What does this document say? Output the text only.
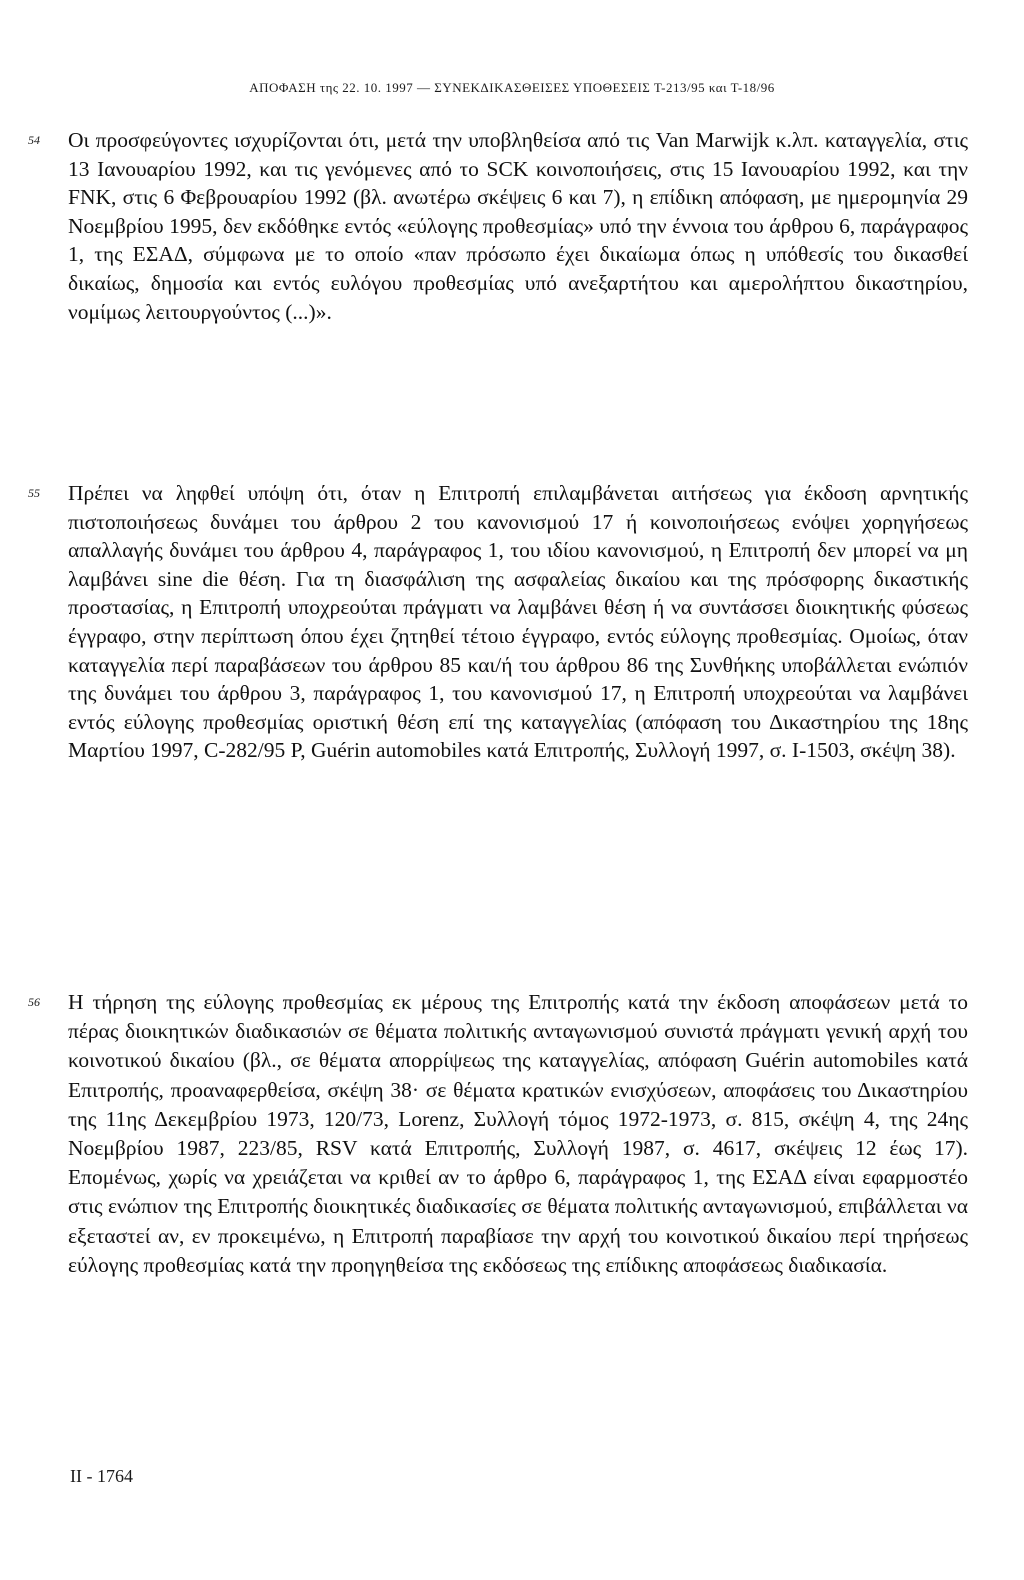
ΑΠΟΦΑΣΗ της 22. 10. 1997 — ΣΥΝΕΚΔΙΚΑΣΘΕΙΣΕΣ ΥΠΟΘΕΣΕΙΣ Τ-213/95 και Τ-18/96
54 Οι προσφεύγοντες ισχυρίζονται ότι, μετά την υποβληθείσα από τις Van Marwijk κ.λπ. καταγγελία, στις 13 Ιανουαρίου 1992, και τις γενόμενες από το SCK κοινοποιήσεις, στις 15 Ιανουαρίου 1992, και την FNK, στις 6 Φεβρουαρίου 1992 (βλ. ανωτέρω σκέψεις 6 και 7), η επίδικη απόφαση, με ημερομηνία 29 Νοεμβρίου 1995, δεν εκδόθηκε εντός «εύλογης προθεσμίας» υπό την έννοια του άρθρου 6, παράγραφος 1, της ΕΣΑΔ, σύμφωνα με το οποίο «παν πρόσωπο έχει δικαίωμα όπως η υπόθεσίς του δικασθεί δικαίως, δημοσία και εντός ευλόγου προθεσμίας υπό ανεξαρτήτου και αμερολήπτου δικαστηρίου, νομίμως λειτουργούντος (...)».

55 Πρέπει να ληφθεί υπόψη ότι, όταν η Επιτροπή επιλαμβάνεται αιτήσεως για έκδοση αρνητικής πιστοποιήσεως δυνάμει του άρθρου 2 του κανονισμού 17 ή κοινοποιήσεως ενόψει χορηγήσεως απαλλαγής δυνάμει του άρθρου 4, παράγραφος 1, του ιδίου κανονισμού, η Επιτροπή δεν μπορεί να μη λαμβάνει sine die θέση. Για τη διασφάλιση της ασφαλείας δικαίου και της πρόσφορης δικαστικής προστασίας, η Επιτροπή υποχρεούται πράγματι να λαμβάνει θέση ή να συντάσσει διοικητικής φύσεως έγγραφο, στην περίπτωση όπου έχει ζητηθεί τέτοιο έγγραφο, εντός εύλογης προθεσμίας. Ομοίως, όταν καταγγελία περί παραβάσεων του άρθρου 85 και/ή του άρθρου 86 της Συνθήκης υποβάλλεται ενώπιόν της δυνάμει του άρθρου 3, παράγραφος 1, του κανονισμού 17, η Επιτροπή υποχρεούται να λαμβάνει εντός εύλογης προθεσμίας οριστική θέση επί της καταγγελίας (απόφαση του Δικαστηρίου της 18ης Μαρτίου 1997, C-282/95 P, Guérin automobiles κατά Επιτροπής, Συλλογή 1997, σ. I-1503, σκέψη 38).

56 Η τήρηση της εύλογης προθεσμίας εκ μέρους της Επιτροπής κατά την έκδοση αποφάσεων μετά το πέρας διοικητικών διαδικασιών σε θέματα πολιτικής ανταγωνισμού συνιστά πράγματι γενική αρχή του κοινοτικού δικαίου (βλ., σε θέματα απορρίψεως της καταγγελίας, απόφαση Guérin automobiles κατά Επιτροπής, προαναφερθείσα, σκέψη 38· σε θέματα κρατικών ενισχύσεων, αποφάσεις του Δικαστηρίου της 11ης Δεκεμβρίου 1973, 120/73, Lorenz, Συλλογή τόμος 1972-1973, σ. 815, σκέψη 4, της 24ης Νοεμβρίου 1987, 223/85, RSV κατά Επιτροπής, Συλλογή 1987, σ. 4617, σκέψεις 12 έως 17). Επομένως, χωρίς να χρειάζεται να κριθεί αν το άρθρο 6, παράγραφος 1, της ΕΣΑΔ είναι εφαρμοστέο στις ενώπιον της Επιτροπής διοικητικές διαδικασίες σε θέματα πολιτικής ανταγωνισμού, επιβάλλεται να εξεταστεί αν, εν προκειμένω, η Επιτροπή παραβίασε την αρχή του κοινοτικού δικαίου περί τηρήσεως εύλογης προθεσμίας κατά την προηγηθείσα της εκδόσεως της επίδικης αποφάσεως διαδικασία.

II - 1764
